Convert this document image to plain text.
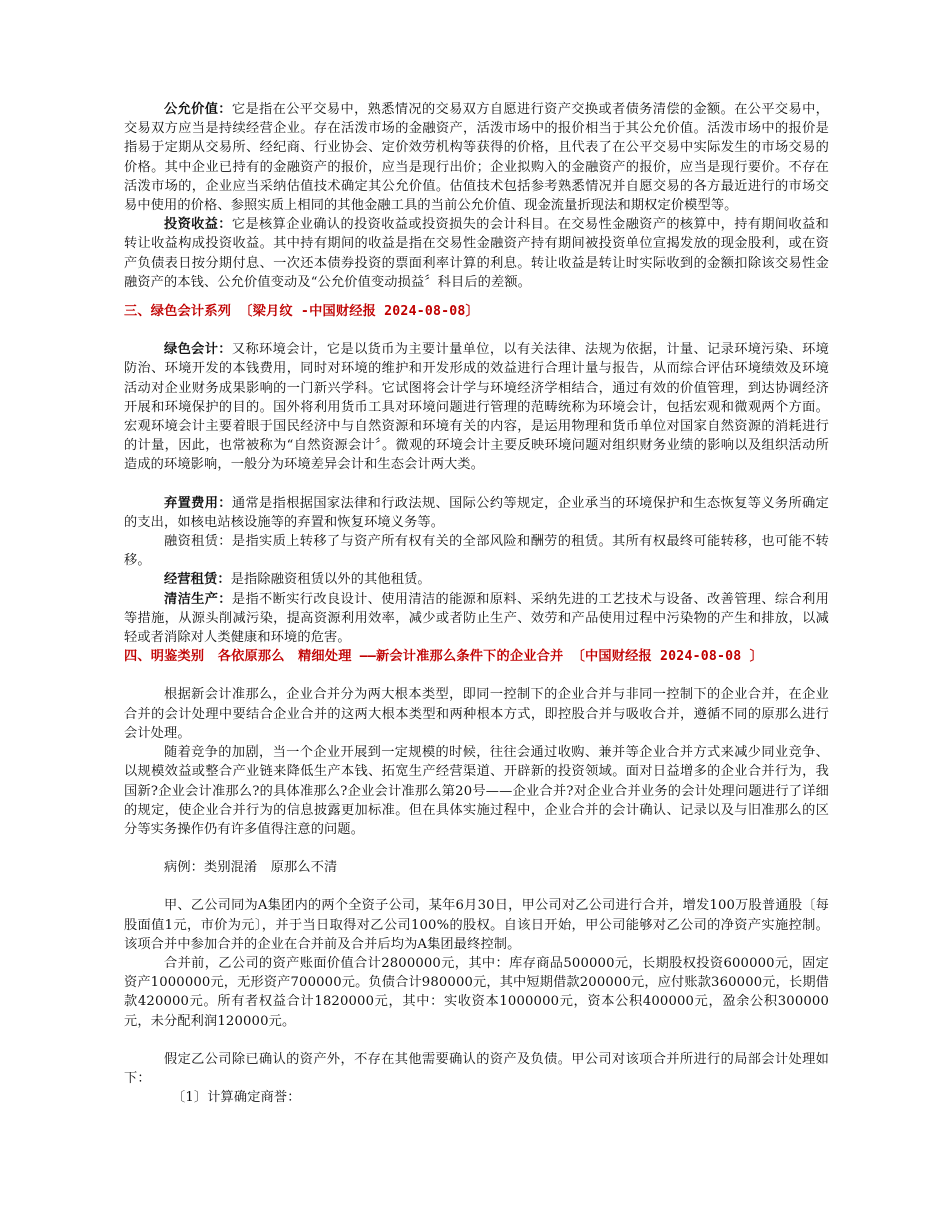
公允价值：它是指在公平交易中，熟悉情况的交易双方自愿进行资产交换或者债务清偿的金额。在公平交易中，交易双方应当是持续经营企业。存在活泼市场的金融资产，活泼市场中的报价相当于其公允价值。活泼市场中的报价是指易于定期从交易所、经纪商、行业协会、定价效劳机构等获得的价格，且代表了在公平交易中实际发生的市场交易的价格。其中企业已持有的金融资产的报价，应当是现行出价；企业拟购入的金融资产的报价，应当是现行要价。不存在活泼市场的，企业应当采纳估值技术确定其公允价值。估值技术包括参考熟悉情况并自愿交易的各方最近进行的市场交易中使用的价格、参照实质上相同的其他金融工具的当前公允价值、现金流量折现法和期权定价模型等。

投资收益：它是核算企业确认的投资收益或投资损失的会计科目。在交易性金融资产的核算中，持有期间收益和转让收益构成投资收益。其中持有期间的收益是指在交易性金融资产持有期间被投资单位宣揭发放的现金股利，或在资产负债表日按分期付息、一次还本债券投资的票面利率计算的利息。转让收益是转让时实际收到的金额扣除该交易性金融资产的本钱、公允价值变动及“公允价值变动损益〞科目后的差额。

三、绿色会计系列 〔梁月纹 -中国财经报 2024-08-08〕

绿色会计：又称环境会计，它是以货币为主要计量单位，以有关法律、法规为依据，计量、记录环境污染、环境防治、环境开发的本钱费用，同时对环境的维护和开发形成的效益进行合理计量与报告，从而综合评估环境绩效及环境活动对企业财务成果影响的一门新兴学科。它试图将会计学与环境经济学相结合，通过有效的价值管理，到达协调经济开展和环境保护的目的。国外将利用货币工具对环境问题进行管理的范畴统称为环境会计，包括宏观和微观两个方面。宏观环境会计主要着眼于国民经济中与自然资源和环境有关的内容，是运用物理和货币单位对国家自然资源的消耗进行的计量，因此，也常被称为“自然资源会计〞。微观的环境会计主要反映环境问题对组织财务业绩的影响以及组织活动所造成的环境影响，一般分为环境差异会计和生态会计两大类。

弃置费用：通常是指根据国家法律和行政法规、国际公约等规定，企业承当的环境保护和生态恢复等义务所确定的支出，如核电站核设施等的弃置和恢复环境义务等。

融资租赁：是指实质上转移了与资产所有权有关的全部风险和酬劳的租赁。其所有权最终可能转移，也可能不转移。

经营租赁：是指除融资租赁以外的其他租赁。

清洁生产：是指不断实行改良设计、使用清洁的能源和原料、采纳先进的工艺技术与设备、改善管理、综合利用等措施，从源头削减污染，提高资源利用效率，减少或者防止生产、效劳和产品使用过程中污染物的产生和排放，以减轻或者消除对人类健康和环境的危害。

四、明鉴类别　各依原那么　精细处理 ——新会计准那么条件下的企业合并 〔中国财经报 2024-08-08 〕

根据新会计准那么，企业合并分为两大根本类型，即同一控制下的企业合并与非同一控制下的企业合并，在企业合并的会计处理中要结合企业合并的这两大根本类型和两种根本方式，即控股合并与吸收合并，遵循不同的原那么进行会计处理。

随着竞争的加剧，当一个企业开展到一定规模的时候，往往会通过收购、兼并等企业合并方式来减少同业竞争、以规模效益或整合产业链来降低生产本钱、拓宽生产经营渠道、开辟新的投资领域。面对日益增多的企业合并行为，我国新?企业会计准那么?的具体准那么?企业会计准那么第20号——企业合并?对企业合并业务的会计处理问题进行了详细的规定，使企业合并行为的信息披露更加标准。但在具体实施过程中，企业合并的会计确认、记录以及与旧准那么的区分等实务操作仍有许多值得注意的问题。

病例：类别混淆　原那么不清

甲、乙公司同为A集团内的两个全资子公司，某年6月30日，甲公司对乙公司进行合并，增发100万股普通股〔每股面值1元，市价为元〕，并于当日取得对乙公司100%的股权。自该日开始，甲公司能够对乙公司的净资产实施控制。该项合并中参加合并的企业在合并前及合并后均为A集团最终控制。

合并前，乙公司的资产账面价值合计2800000元，其中：库存商品500000元，长期股权投资600000元，固定资产1000000元，无形资产700000元。负债合计980000元，其中短期借款200000元，应付账款360000元，长期借款420000元。所有者权益合计1820000元，其中：实收资本1000000元，资本公积400000元，盈余公积300000元，未分配利润120000元。

假定乙公司除已确认的资产外，不存在其他需要确认的资产及负债。甲公司对该项合并所进行的局部会计处理如下：

〔1〕计算确定商誉：
